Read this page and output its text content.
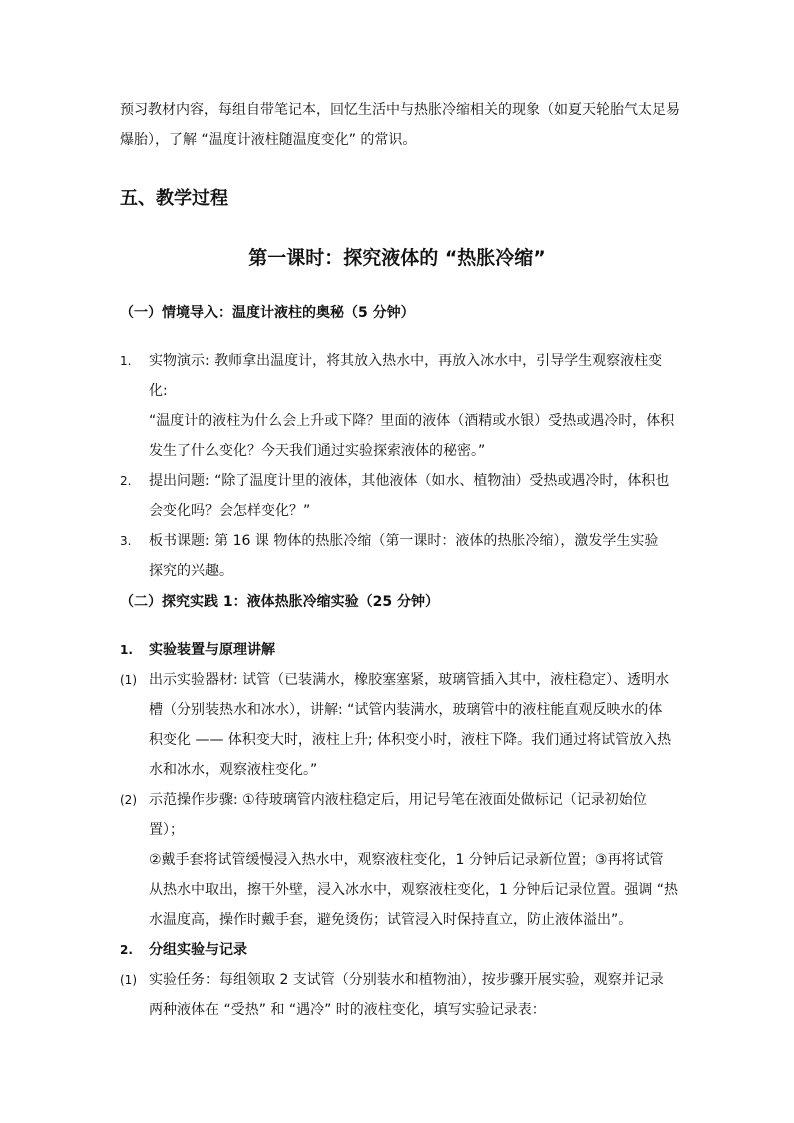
预习教材内容，每组自带笔记本，回忆生活中与热胀冷缩相关的现象（如夏天轮胎气太足易

爆胎），了解 “温度计液柱随温度变化” 的常识。

五、教学过程
第一课时：探究液体的 “热胀冷缩”
（一）情境导入：温度计液柱的奥秘（5 分钟）
1.	实物演示: 教师拿出温度计，将其放入热水中，再放入冰水中，引导学生观察液柱变化:

“温度计的液柱为什么会上升或下降？里面的液体（酒精或水银）受热或遇冷时，体积

发生了什么变化？今天我们通过实验探索液体的秘密。”

2.	提出问题: “除了温度计里的液体，其他液体（如水、植物油）受热或遇冷时，体积也

会变化吗？会怎样变化？”

3.	板书课题: 第 16 课 物体的热胀冷缩（第一课时：液体的热胀冷缩），激发学生实验

探究的兴趣。

（二）探究实践 1：液体热胀冷缩实验（25 分钟）
1.	实验装置与原理讲解

(1) 出示实验器材: 试管（已装满水，橡胶塞塞紧，玻璃管插入其中，液柱稳定）、透明水

槽（分别装热水和冰水），讲解: “试管内装满水，玻璃管中的液柱能直观反映水的体

积变化 —— 体积变大时，液柱上升; 体积变小时，液柱下降。我们通过将试管放入热

水和冰水，观察液柱变化。”

(2) 示范操作步骤: ①待玻璃管内液柱稳定后，用记号笔在液面处做标记（记录初始位置）；

②戴手套将试管缓慢浸入热水中，观察液柱变化，1 分钟后记录新位置；③再将试管

从热水中取出，擦干外壁，浸入冰水中，观察液柱变化，1 分钟后记录位置。强调 “热

水温度高，操作时戴手套，避免烫伤；试管浸入时保持直立，防止液体溢出”。

2.	分组实验与记录

(1) 实验任务：每组领取 2 支试管（分别装水和植物油），按步骤开展实验，观察并记录

两种液体在 “受热” 和 “遇冷” 时的液柱变化，填写实验记录表：
